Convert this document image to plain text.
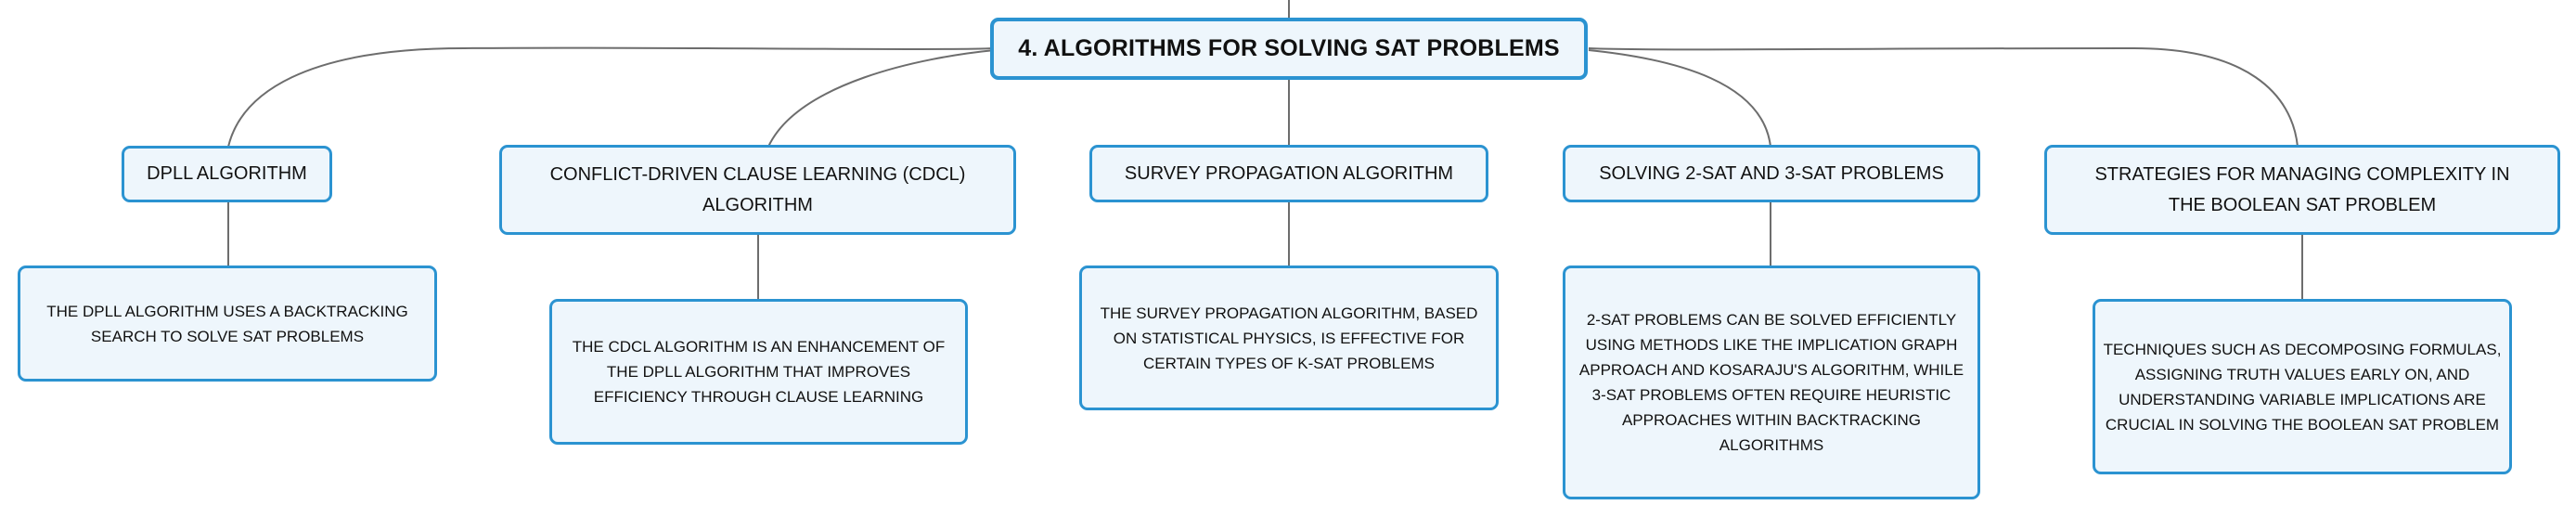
4. ALGORITHMS FOR SOLVING SAT PROBLEMS
DPLL ALGORITHM	CONFLICT-DRIVEN CLAUSE LEARNING (CDCL) ALGORITHM
SURVEY PROPAGATION ALGORITHM	SOLVING 2-SAT AND 3-SAT PROBLEMS	STRATEGIES FOR MANAGING COMPLEXITY IN THE BOOLEAN SAT PROBLEM
THE DPLL ALGORITHM USES A BACKTRACKING SEARCH TO SOLVE SAT PROBLEMS
THE CDCL ALGORITHM IS AN ENHANCEMENT OF THE DPLL ALGORITHM THAT IMPROVES EFFICIENCY THROUGH CLAUSE LEARNING
THE SURVEY PROPAGATION ALGORITHM, BASED ON STATISTICAL PHYSICS, IS EFFECTIVE FOR CERTAIN TYPES OF K-SAT PROBLEMS
2-SAT PROBLEMS CAN BE SOLVED EFFICIENTLY USING METHODS LIKE THE IMPLICATION GRAPH APPROACH AND KOSARAJU'S ALGORITHM, WHILE 3-SAT PROBLEMS OFTEN REQUIRE HEURISTIC APPROACHES WITHIN BACKTRACKING ALGORITHMS
TECHNIQUES SUCH AS DECOMPOSING FORMULAS, ASSIGNING TRUTH VALUES EARLY ON, AND UNDERSTANDING VARIABLE IMPLICATIONS ARE CRUCIAL IN SOLVING THE BOOLEAN SAT PROBLEM
